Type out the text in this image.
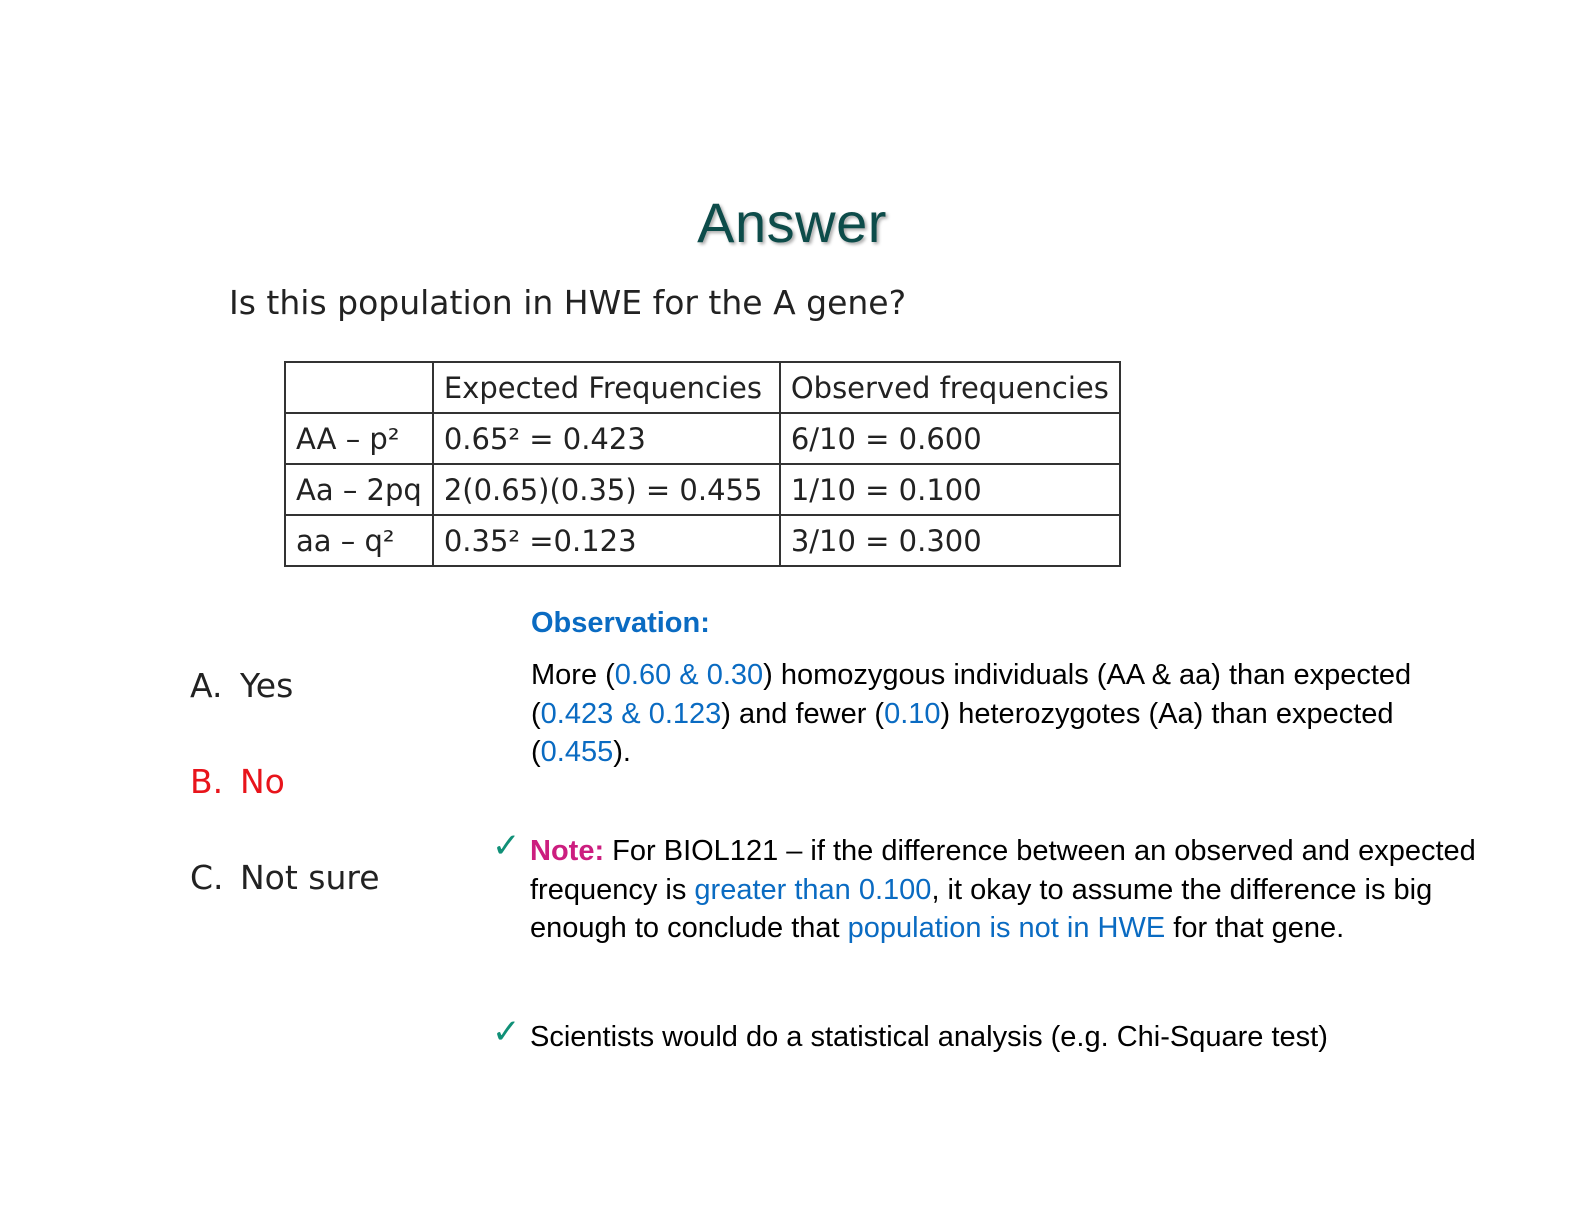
Answer
Is this population in HWE for the A gene?
	Expected Frequencies	Observed frequencies
AA – p²	0.65² = 0.423	6/10 = 0.600
Aa – 2pq	2(0.65)(0.35) = 0.455	1/10 = 0.100
aa – q²	0.35² =0.123	3/10 = 0.300
A. Yes
B. No
C. Not sure
Observation:
More (0.60 & 0.30) homozygous individuals (AA & aa) than expected (0.423 & 0.123) and fewer (0.10) heterozygotes (Aa) than expected (0.455).
✓ Note: For BIOL121 – if the difference between an observed and expected frequency is greater than 0.100, it okay to assume the difference is big enough to conclude that population is not in HWE for that gene.
✓ Scientists would do a statistical analysis (e.g. Chi-Square test)
